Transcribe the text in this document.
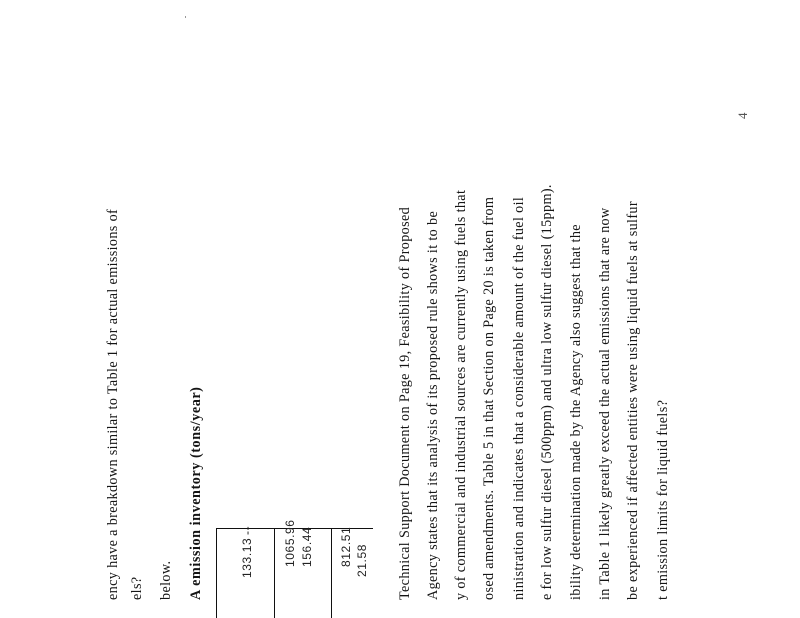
ency have a breakdown similar to Table 1 for actual emissions of els? below. A emission inventory (tons/year)	133.13
-- 1065.96 156.44 812.51 21.58 Technical Support Document on Page 19, Feasibility of Proposed Agency states that its analysis of its proposed rule shows it to be y of commercial and industrial sources are currently using fuels that osed amendments. Table 5 in that Section on Page 20 is taken from ninistration and indicates that a considerable amount of the fuel oil e for low sulfur diesel (500ppm) and ultra low sulfur diesel (15ppm). ibility determination made by the Agency also suggest that the in Table 1 likely greatly exceed the actual emissions that are now be experienced if affected entities were using liquid fuels at sulfur t emission limits for liquid fuels?
4
